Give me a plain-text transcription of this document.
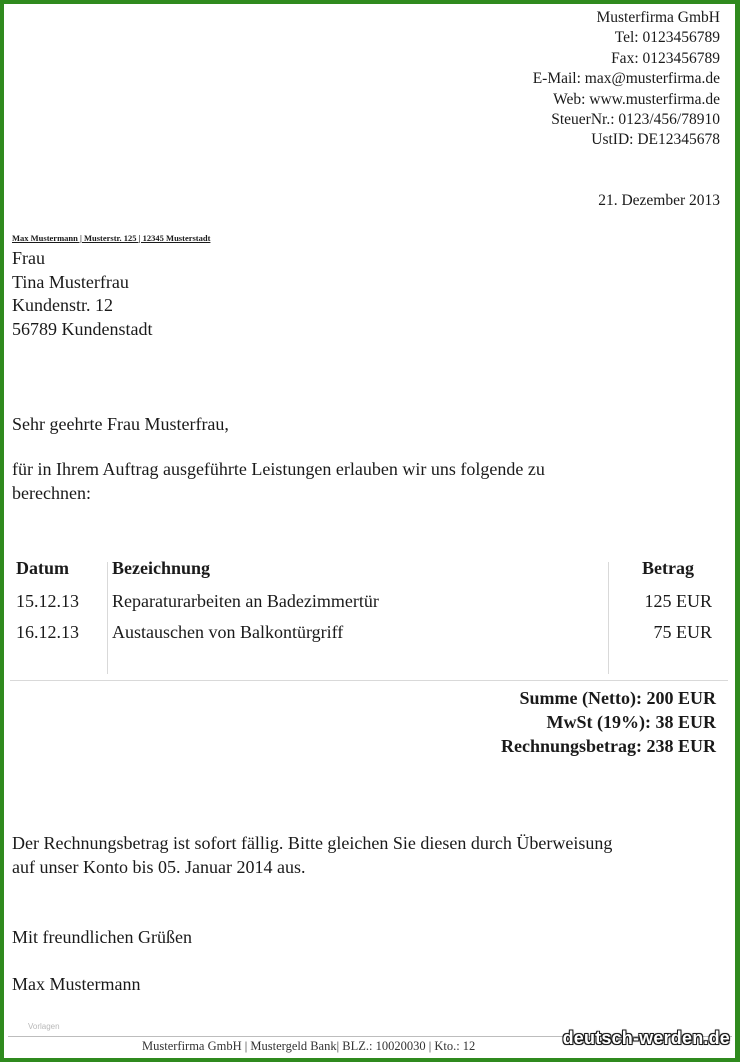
Musterfirma GmbH
Tel: 0123456789
Fax: 0123456789
E-Mail: max@musterfirma.de
Web: www.musterfirma.de
SteuerNr.: 0123/456/78910
UstID: DE12345678
21. Dezember 2013
Max Mustermann | Musterstr. 125 | 12345 Musterstadt
Frau
Tina Musterfrau
Kundenstr. 12
56789 Kundenstadt
Sehr geehrte Frau Musterfrau,
für in Ihrem Auftrag ausgeführte Leistungen erlauben wir uns folgende zu
berechnen:
Datum Bezeichnung	Betrag
15.12.13 Reparaturarbeiten an Badezimmertür	125 EUR
16.12.13 Austauschen von Balkontürgriff	75 EUR
Summe (Netto): 200 EUR
MwSt (19%): 38 EUR
Rechnungsbetrag: 238 EUR
Der Rechnungsbetrag ist sofort fällig. Bitte gleichen Sie diesen durch Überweisung
auf unser Konto bis 05. Januar 2014 aus.
Mit freundlichen Grüßen
Max Mustermann
Vorlagen
Musterfirma GmbH | Mustergeld Bank| BLZ.: 10020030 | Kto.: 12	deutsch-werden.de
